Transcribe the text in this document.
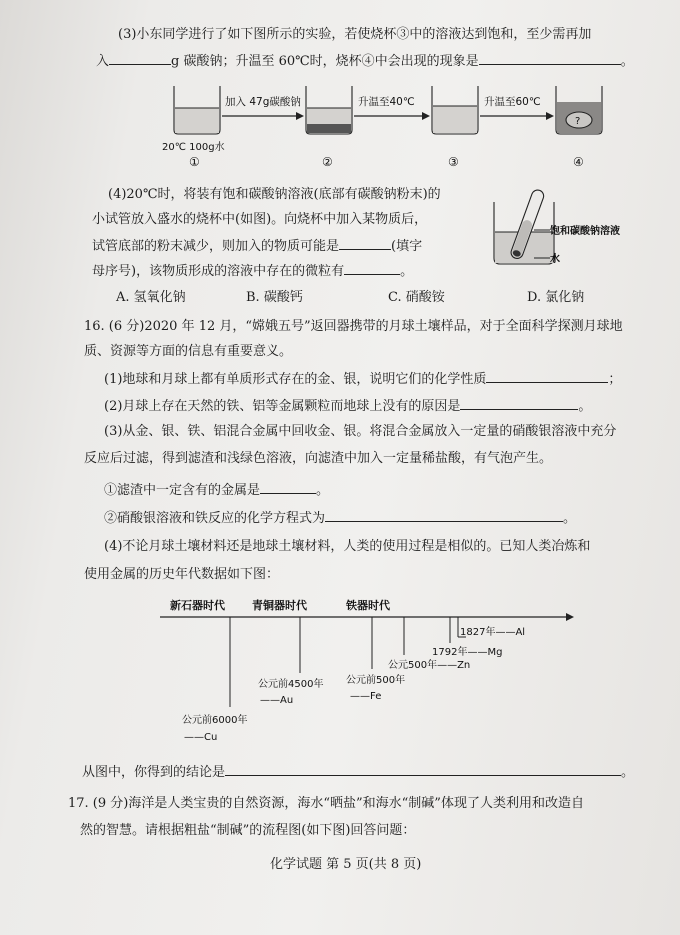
(3)小东同学进行了如下图所示的实验，若使烧杯③中的溶液达到饱和，至少需再加
入	g 碳酸钠；升温至 60℃时，烧杯④中会出现的现象是	。
?
加入 47g碳酸钠	升温至40℃	升温至60℃
20℃ 100g水
①	②	③	④
(4)20℃时，将装有饱和碳酸钠溶液(底部有碳酸钠粉末)的
小试管放入盛水的烧杯中(如图)。向烧杯中加入某物质后，
试管底部的粉末减少，则加入的物质可能是	(填字
母序号)，该物质形成的溶液中存在的微粒有	。
饱和碳酸钠溶液
水
A. 氢氧化钠	B. 碳酸钙	C. 硝酸铵	D. 氯化钠
16. (6 分)2020 年 12 月，“嫦娥五号”返回器携带的月球土壤样品，对于全面科学探测月球地
质、资源等方面的信息有重要意义。
(1)地球和月球上都有单质形式存在的金、银，说明它们的化学性质	；
(2)月球上存在天然的铁、铝等金属颗粒而地球上没有的原因是	。
(3)从金、银、铁、铝混合金属中回收金、银。将混合金属放入一定量的硝酸银溶液中充分
反应后过滤，得到滤渣和浅绿色溶液，向滤渣中加入一定量稀盐酸，有气泡产生。
①滤渣中一定含有的金属是	。
②硝酸银溶液和铁反应的化学方程式为	。
(4)不论月球土壤材料还是地球土壤材料，人类的使用过程是相似的。已知人类冶炼和
使用金属的历史年代数据如下图：
新石器时代 青铜器时代	铁器时代
公元前6000年
——Cu
公元前4500年
——Au
公元前500年
——Fe
公元500年——Zn
1792年——Mg
1827年——Al
从图中，你得到的结论是	。
17. (9 分)海洋是人类宝贵的自然资源，海水“晒盐”和海水“制碱”体现了人类利用和改造自
然的智慧。请根据粗盐“制碱”的流程图(如下图)回答问题：
化学试题 第 5 页(共 8 页)
